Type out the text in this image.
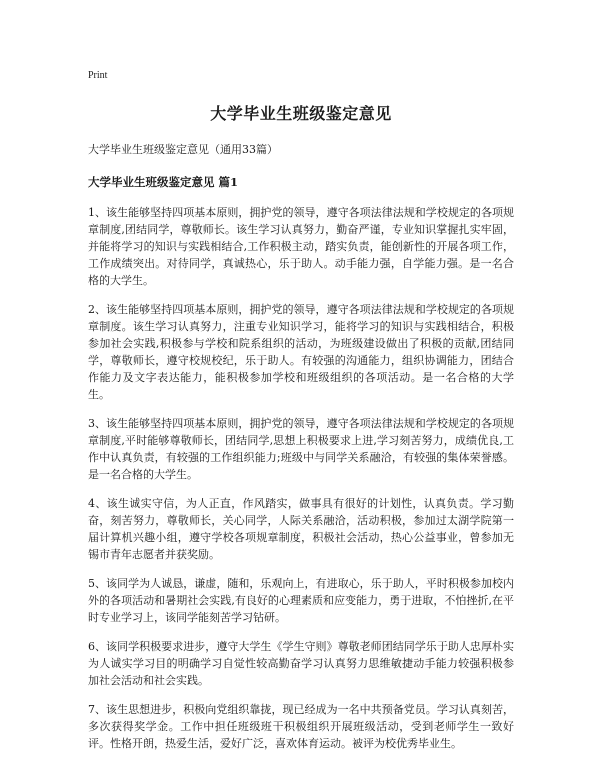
Print
大学毕业生班级鉴定意见
大学毕业生班级鉴定意见（通用33篇）
大学毕业生班级鉴定意见 篇1

1、该生能够坚持四项基本原则，拥护党的领导，遵守各项法律法规和学校规定的各项规章制度,团结同学，尊敬师长。该生学习认真努力，勤奋严谨，专业知识掌握扎实牢固，并能将学习的知识与实践相结合,工作积极主动，踏实负责，能创新性的开展各项工作，工作成绩突出。对待同学，真诚热心，乐于助人。动手能力强，自学能力强。是一名合格的大学生。

2、该生能够坚持四项基本原则，拥护党的领导，遵守各项法律法规和学校规定的各项规章制度。该生学习认真努力，注重专业知识学习，能将学习的知识与实践相结合，积极参加社会实践,积极参与学校和院系组织的活动，为班级建设做出了积极的贡献,团结同学，尊敬师长，遵守校规校纪，乐于助人。有较强的沟通能力，组织协调能力，团结合作能力及文字表达能力，能积极参加学校和班级组织的各项活动。是一名合格的大学生。

3、该生能够坚持四项基本原则，拥护党的领导，遵守各项法律法规和学校规定的各项规章制度,平时能够尊敬师长，团结同学,思想上积极要求上进,学习刻苦努力，成绩优良,工作中认真负责，有较强的工作组织能力;班级中与同学关系融洽，有较强的集体荣誉感。是一名合格的大学生。

4、该生诚实守信，为人正直，作风踏实，做事具有很好的计划性，认真负责。学习勤奋，刻苦努力，尊敬师长，关心同学，人际关系融洽，活动积极，参加过太湖学院第一届计算机兴趣小组，遵守学校各项规章制度，积极社会活动，热心公益事业，曾参加无锡市青年志愿者并获奖励。

5、该同学为人诚恳，谦虚，随和，乐观向上，有进取心，乐于助人，平时积极参加校内外的各项活动和暑期社会实践,有良好的心理素质和应变能力，勇于进取，不怕挫折,在平时专业学习上，该同学能刻苦学习钻研。

6、该同学积极要求进步，遵守大学生《学生守则》尊敬老师团结同学乐于助人忠厚朴实为人诚实学习目的明确学习自觉性较高勤奋学习认真努力思维敏捷动手能力较强积极参加社会活动和社会实践。

7、该生思想进步，积极向党组织靠拢，现已经成为一名中共预备党员。学习认真刻苦，多次获得奖学金。工作中担任班级班干积极组织开展班级活动，受到老师学生一致好评。性格开朗，热爱生活，爱好广泛，喜欢体育运动。被评为校优秀毕业生。
